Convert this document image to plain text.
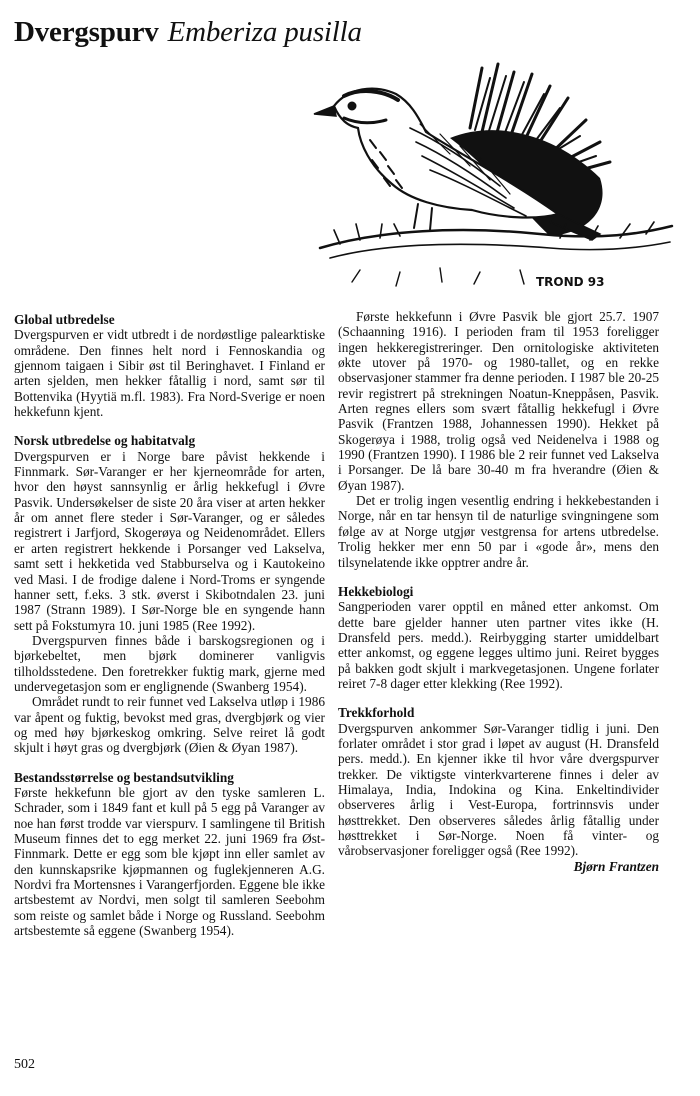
Dvergspurv Emberiza pusilla
TROND 93
Global utbredelse

Dvergspurven er vidt utbredt i de nordøstlige palearktiske områdene. Den finnes helt nord i Fennoskandia og gjennom taigaen i Sibir øst til Beringhavet. I Finland er arten sjelden, men hekker fåtallig i nord, samt sør til Bottenvika (Hyytiä m.fl. 1983). Fra Nord-Sverige er noen hekkefunn kjent.

Norsk utbredelse og habitatvalg

Dvergspurven er i Norge bare påvist hekkende i Finnmark. Sør-Varanger er her kjerneområde for arten, hvor den høyst sannsynlig er årlig hekkefugl i Øvre Pasvik. Undersøkelser de siste 20 åra viser at arten hekker år om annet flere steder i Sør-Varanger, og er således registrert i Jarfjord, Skogerøya og Neidenområdet. Ellers er arten registrert hekkende i Porsanger ved Lakselva, samt sett i hekketida ved Stabburselva og i Kautokeino ved Masi. I de frodige dalene i Nord-Troms er syngende hanner sett, f.eks. 3 stk. øverst i Skibotndalen 23. juni 1987 (Strann 1989). I Sør-Norge ble en syngende hann sett på Fokstumyra 10. juni 1985 (Ree 1992).

Dvergspurven finnes både i barskogsregionen og i bjørkebeltet, men bjørk dominerer vanligvis tilholdsstedene. Den foretrekker fuktig mark, gjerne med undervegetasjon som er englignende (Swanberg 1954).

Området rundt to reir funnet ved Lakselva utløp i 1986 var åpent og fuktig, bevokst med gras, dvergbjørk og vier og med høy bjørkeskog omkring. Selve reiret lå godt skjult i høyt gras og dvergbjørk (Øien & Øyan 1987).

Bestandsstørrelse og bestandsutvikling

Første hekkefunn ble gjort av den tyske samleren L. Schrader, som i 1849 fant et kull på 5 egg på Varanger av noe han først trodde var vierspurv. I samlingene til British Museum finnes det to egg merket 22. juni 1969 fra Øst-Finnmark. Dette er egg som ble kjøpt inn eller samlet av den kunnskapsrike kjøpmannen og fuglekjenneren A.G. Nordvi fra Mortensnes i Varangerfjorden. Eggene ble ikke artsbestemt av Nordvi, men solgt til samleren Seebohm som reiste og samlet både i Norge og Russland. Seebohm artsbestemte så eggene (Swanberg 1954).

Første hekkefunn i Øvre Pasvik ble gjort 25.7. 1907 (Schaanning 1916). I perioden fram til 1953 foreligger ingen hekkeregistreringer. Den ornitologiske aktiviteten økte utover på 1970- og 1980-tallet, og en rekke observasjoner stammer fra denne perioden. I 1987 ble 20-25 revir registrert på strekningen Noatun-Kneppåsen, Pasvik. Arten regnes ellers som svært fåtallig hekkefugl i Øvre Pasvik (Frantzen 1988, Johannessen 1990). Hekket på Skogerøya i 1988, trolig også ved Neidenelva i 1988 og 1990 (Frantzen 1990). I 1986 ble 2 reir funnet ved Lakselva i Porsanger. De lå bare 30-40 m fra hverandre (Øien & Øyan 1987).

Det er trolig ingen vesentlig endring i hekkebestanden i Norge, når en tar hensyn til de naturlige svingningene som følge av at Norge utgjør vestgrensa for artens utbredelse. Trolig hekker mer enn 50 par i «gode år», mens den tilsynelatende ikke opptrer andre år.

Hekkebiologi

Sangperioden varer opptil en måned etter ankomst. Om dette bare gjelder hanner uten partner vites ikke (H. Dransfeld pers. medd.). Reirbygging starter umiddelbart etter ankomst, og eggene legges ultimo juni. Reiret bygges på bakken godt skjult i markvegetasjonen. Ungene forlater reiret 7-8 dager etter klekking (Ree 1992).

Trekkforhold

Dvergspurven ankommer Sør-Varanger tidlig i juni. Den forlater området i stor grad i løpet av august (H. Dransfeld pers. medd.). En kjenner ikke til hvor våre dvergspurver trekker. De viktigste vinterkvarterene finnes i deler av Himalaya, India, Indokina og Kina. Enkeltindivider observeres årlig i Vest-Europa, fortrinnsvis under høsttrekket. Den observeres således årlig fåtallig under høsttrekket i Sør-Norge. Noen få vinter- og vårobservasjoner foreligger også (Ree 1992).

Bjørn Frantzen

502
